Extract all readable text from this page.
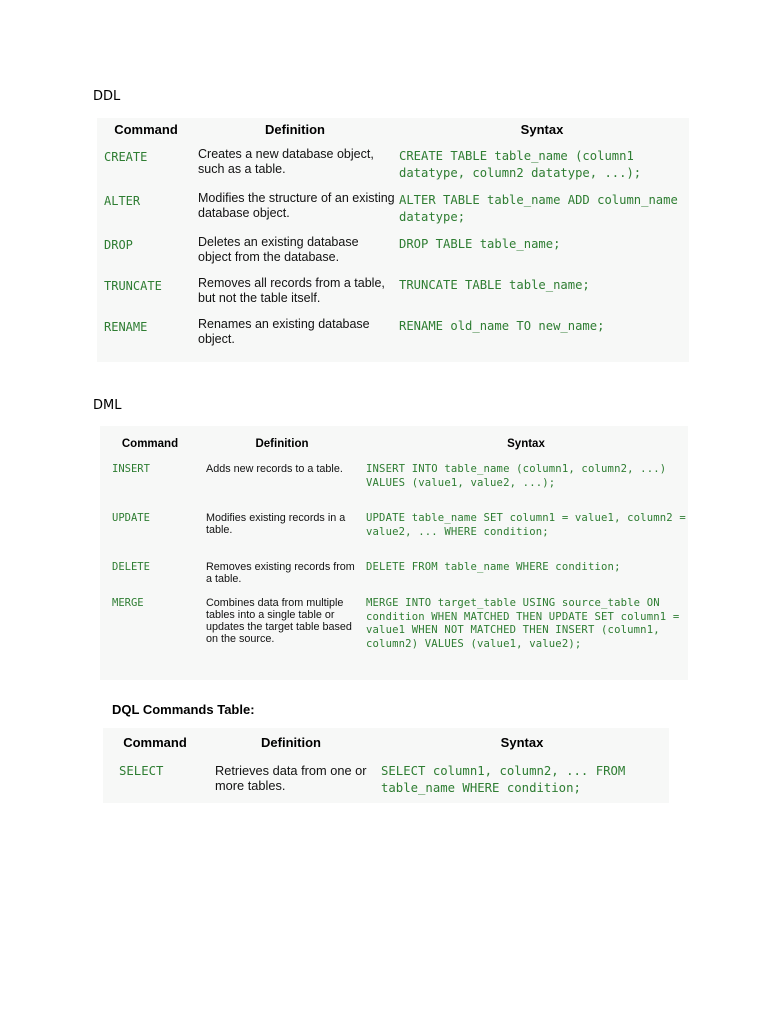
DDL
Command	Definition	Syntax
CREATE	Creates a new database object, such as a table.	CREATE TABLE table_name (column1 datatype, column2 datatype, ...);
ALTER	Modifies the structure of an existing database object.	ALTER TABLE table_name ADD column_name datatype;
DROP	Deletes an existing database object from the database.	DROP TABLE table_name;
TRUNCATE	Removes all records from a table, but not the table itself.	TRUNCATE TABLE table_name;
RENAME	Renames an existing database object.	RENAME old_name TO new_name;
DML
Command	Definition	Syntax
INSERT	Adds new records to a table.	INSERT INTO table_name (column1, column2, ...) VALUES (value1, value2, ...);
UPDATE	Modifies existing records in a table.	UPDATE table_name SET column1 = value1, column2 = value2, ... WHERE condition;
DELETE	Removes existing records from a table.	DELETE FROM table_name WHERE condition;
MERGE	Combines data from multiple tables into a single table or updates the target table based on the source.	MERGE INTO target_table USING source_table ON condition WHEN MATCHED THEN UPDATE SET column1 = value1 WHEN NOT MATCHED THEN INSERT (column1, column2) VALUES (value1, value2);
DQL Commands Table:
Command	Definition	Syntax
SELECT	Retrieves data from one or more tables.	SELECT column1, column2, ... FROM table_name WHERE condition;
